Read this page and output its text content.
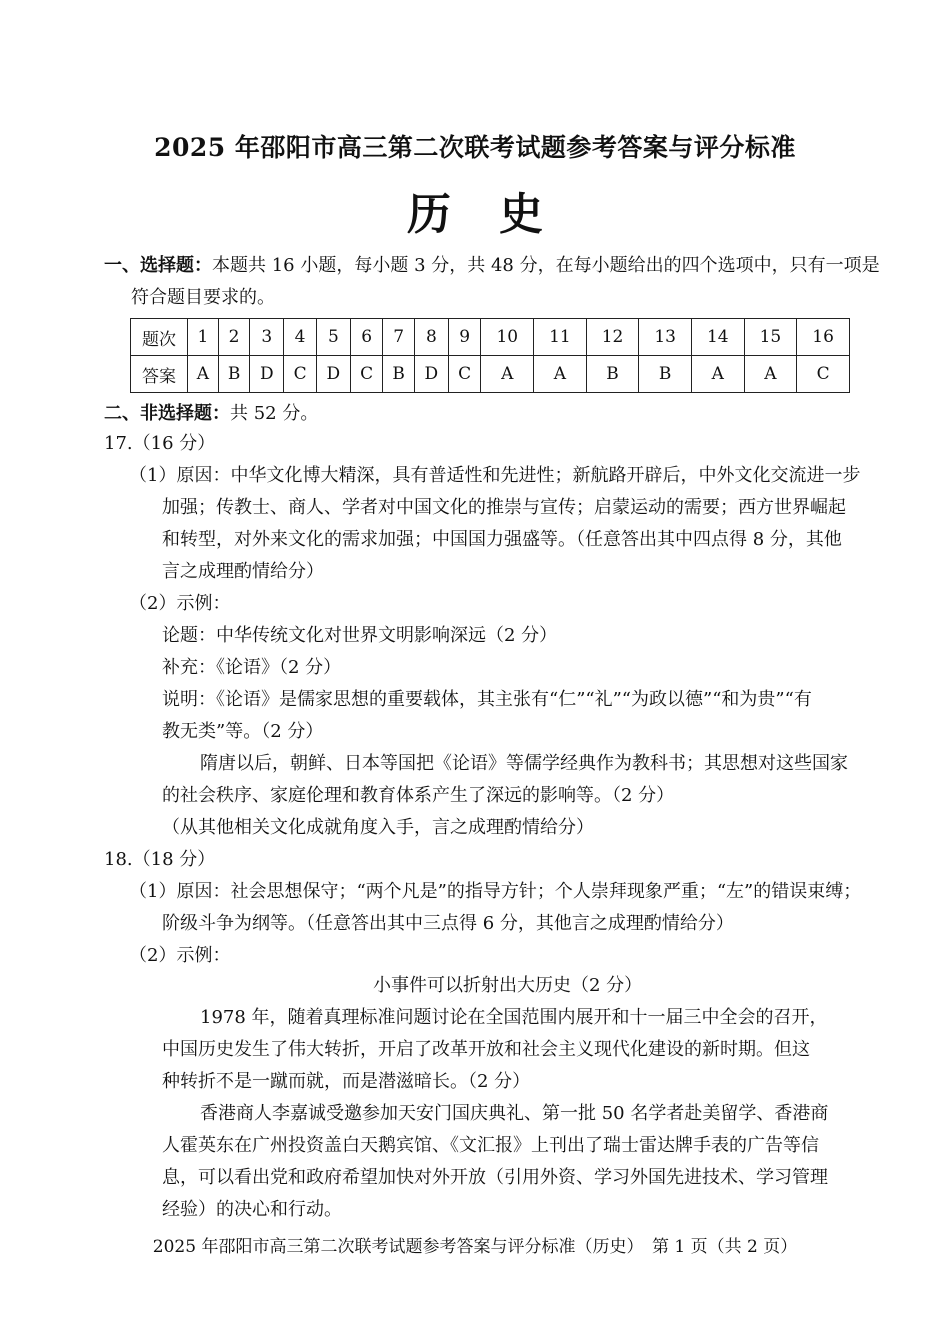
2025 年邵阳市高三第二次联考试题参考答案与评分标准
历史
一、选择题：本题共 16 小题，每小题 3 分，共 48 分，在每小题给出的四个选项中，只有一项是
符合题目要求的。
题次	1	2	3	4	5	6	7	8	9	10	11	12	13	14	15	16
答案	A	B	D	C	D	C	B	D	C	A	A	B	B	A	A	C
二、非选择题：共 52 分。
17.（16 分）
（1）原因：中华文化博大精深，具有普适性和先进性；新航路开辟后，中外文化交流进一步
加强；传教士、商人、学者对中国文化的推崇与宣传；启蒙运动的需要；西方世界崛起
和转型，对外来文化的需求加强；中国国力强盛等。（任意答出其中四点得 8 分，其他
言之成理酌情给分）
（2）示例：
论题：中华传统文化对世界文明影响深远（2 分）
补充：《论语》（2 分）
说明：《论语》是儒家思想的重要载体，其主张有“仁”“礼”“为政以德”“和为贵”“有
教无类”等。（2 分）
隋唐以后，朝鲜、日本等国把《论语》等儒学经典作为教科书；其思想对这些国家
的社会秩序、家庭伦理和教育体系产生了深远的影响等。（2 分）
（从其他相关文化成就角度入手，言之成理酌情给分）
18.（18 分）
（1）原因：社会思想保守；“两个凡是”的指导方针；个人崇拜现象严重；“左”的错误束缚；
阶级斗争为纲等。（任意答出其中三点得 6 分，其他言之成理酌情给分）
（2）示例：
小事件可以折射出大历史（2 分）
1978 年，随着真理标准问题讨论在全国范围内展开和十一届三中全会的召开，
中国历史发生了伟大转折，开启了改革开放和社会主义现代化建设的新时期。但这
种转折不是一蹴而就，而是潜滋暗长。（2 分）
香港商人李嘉诚受邀参加天安门国庆典礼、第一批 50 名学者赴美留学、香港商
人霍英东在广州投资盖白天鹅宾馆、《文汇报》上刊出了瑞士雷达牌手表的广告等信
息，可以看出党和政府希望加快对外开放（引用外资、学习外国先进技术、学习管理
经验）的决心和行动。
2025 年邵阳市高三第二次联考试题参考答案与评分标准（历史）　第 1 页（共 2 页）
